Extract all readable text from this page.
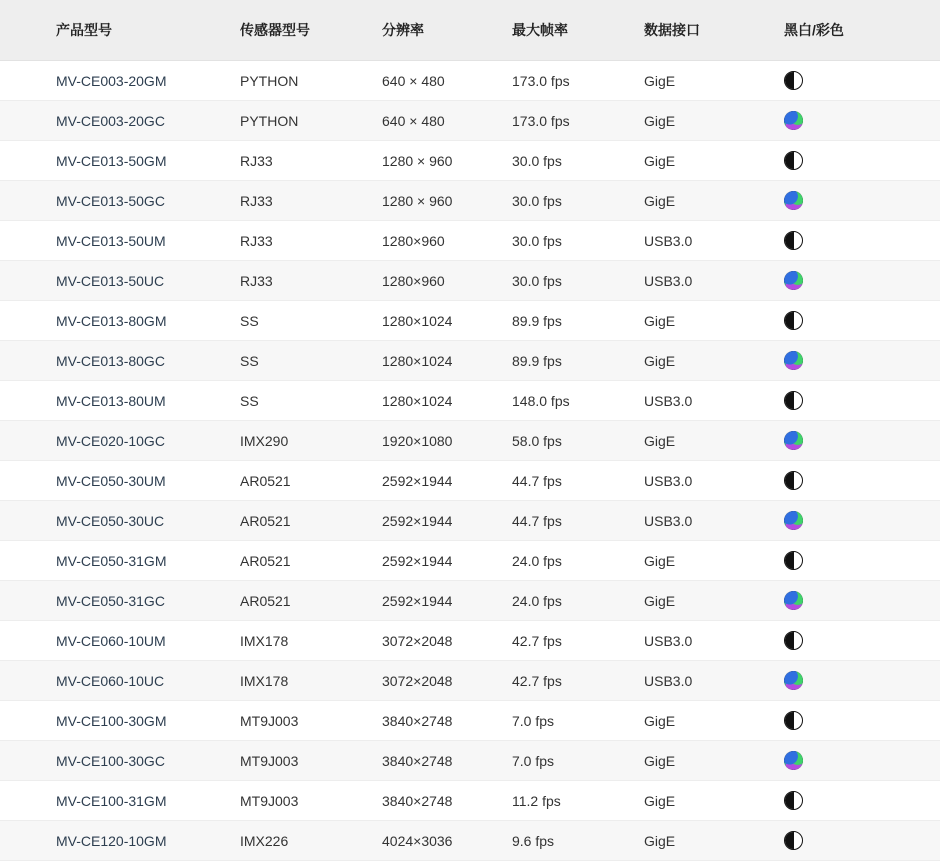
产品型号	传感器型号	分辨率	最大帧率	数据接口	黑白/彩色
MV-CE003-20GM	PYTHON	640 × 480	173.0 fps	GigE	
MV-CE003-20GC	PYTHON	640 × 480	173.0 fps	GigE	
MV-CE013-50GM	RJ33	1280 × 960	30.0 fps	GigE	
MV-CE013-50GC	RJ33	1280 × 960	30.0 fps	GigE	
MV-CE013-50UM	RJ33	1280×960	30.0 fps	USB3.0	
MV-CE013-50UC	RJ33	1280×960	30.0 fps	USB3.0	
MV-CE013-80GM	SS	1280×1024	89.9 fps	GigE	
MV-CE013-80GC	SS	1280×1024	89.9 fps	GigE	
MV-CE013-80UM	SS	1280×1024	148.0 fps	USB3.0	
MV-CE020-10GC	IMX290	1920×1080	58.0 fps	GigE	
MV-CE050-30UM	AR0521	2592×1944	44.7 fps	USB3.0	
MV-CE050-30UC	AR0521	2592×1944	44.7 fps	USB3.0	
MV-CE050-31GM	AR0521	2592×1944	24.0 fps	GigE	
MV-CE050-31GC	AR0521	2592×1944	24.0 fps	GigE	
MV-CE060-10UM	IMX178	3072×2048	42.7 fps	USB3.0	
MV-CE060-10UC	IMX178	3072×2048	42.7 fps	USB3.0	
MV-CE100-30GM	MT9J003	3840×2748	7.0 fps	GigE	
MV-CE100-30GC	MT9J003	3840×2748	7.0 fps	GigE	
MV-CE100-31GM	MT9J003	3840×2748	11.2 fps	GigE	
MV-CE120-10GM	IMX226	4024×3036	9.6 fps	GigE	
